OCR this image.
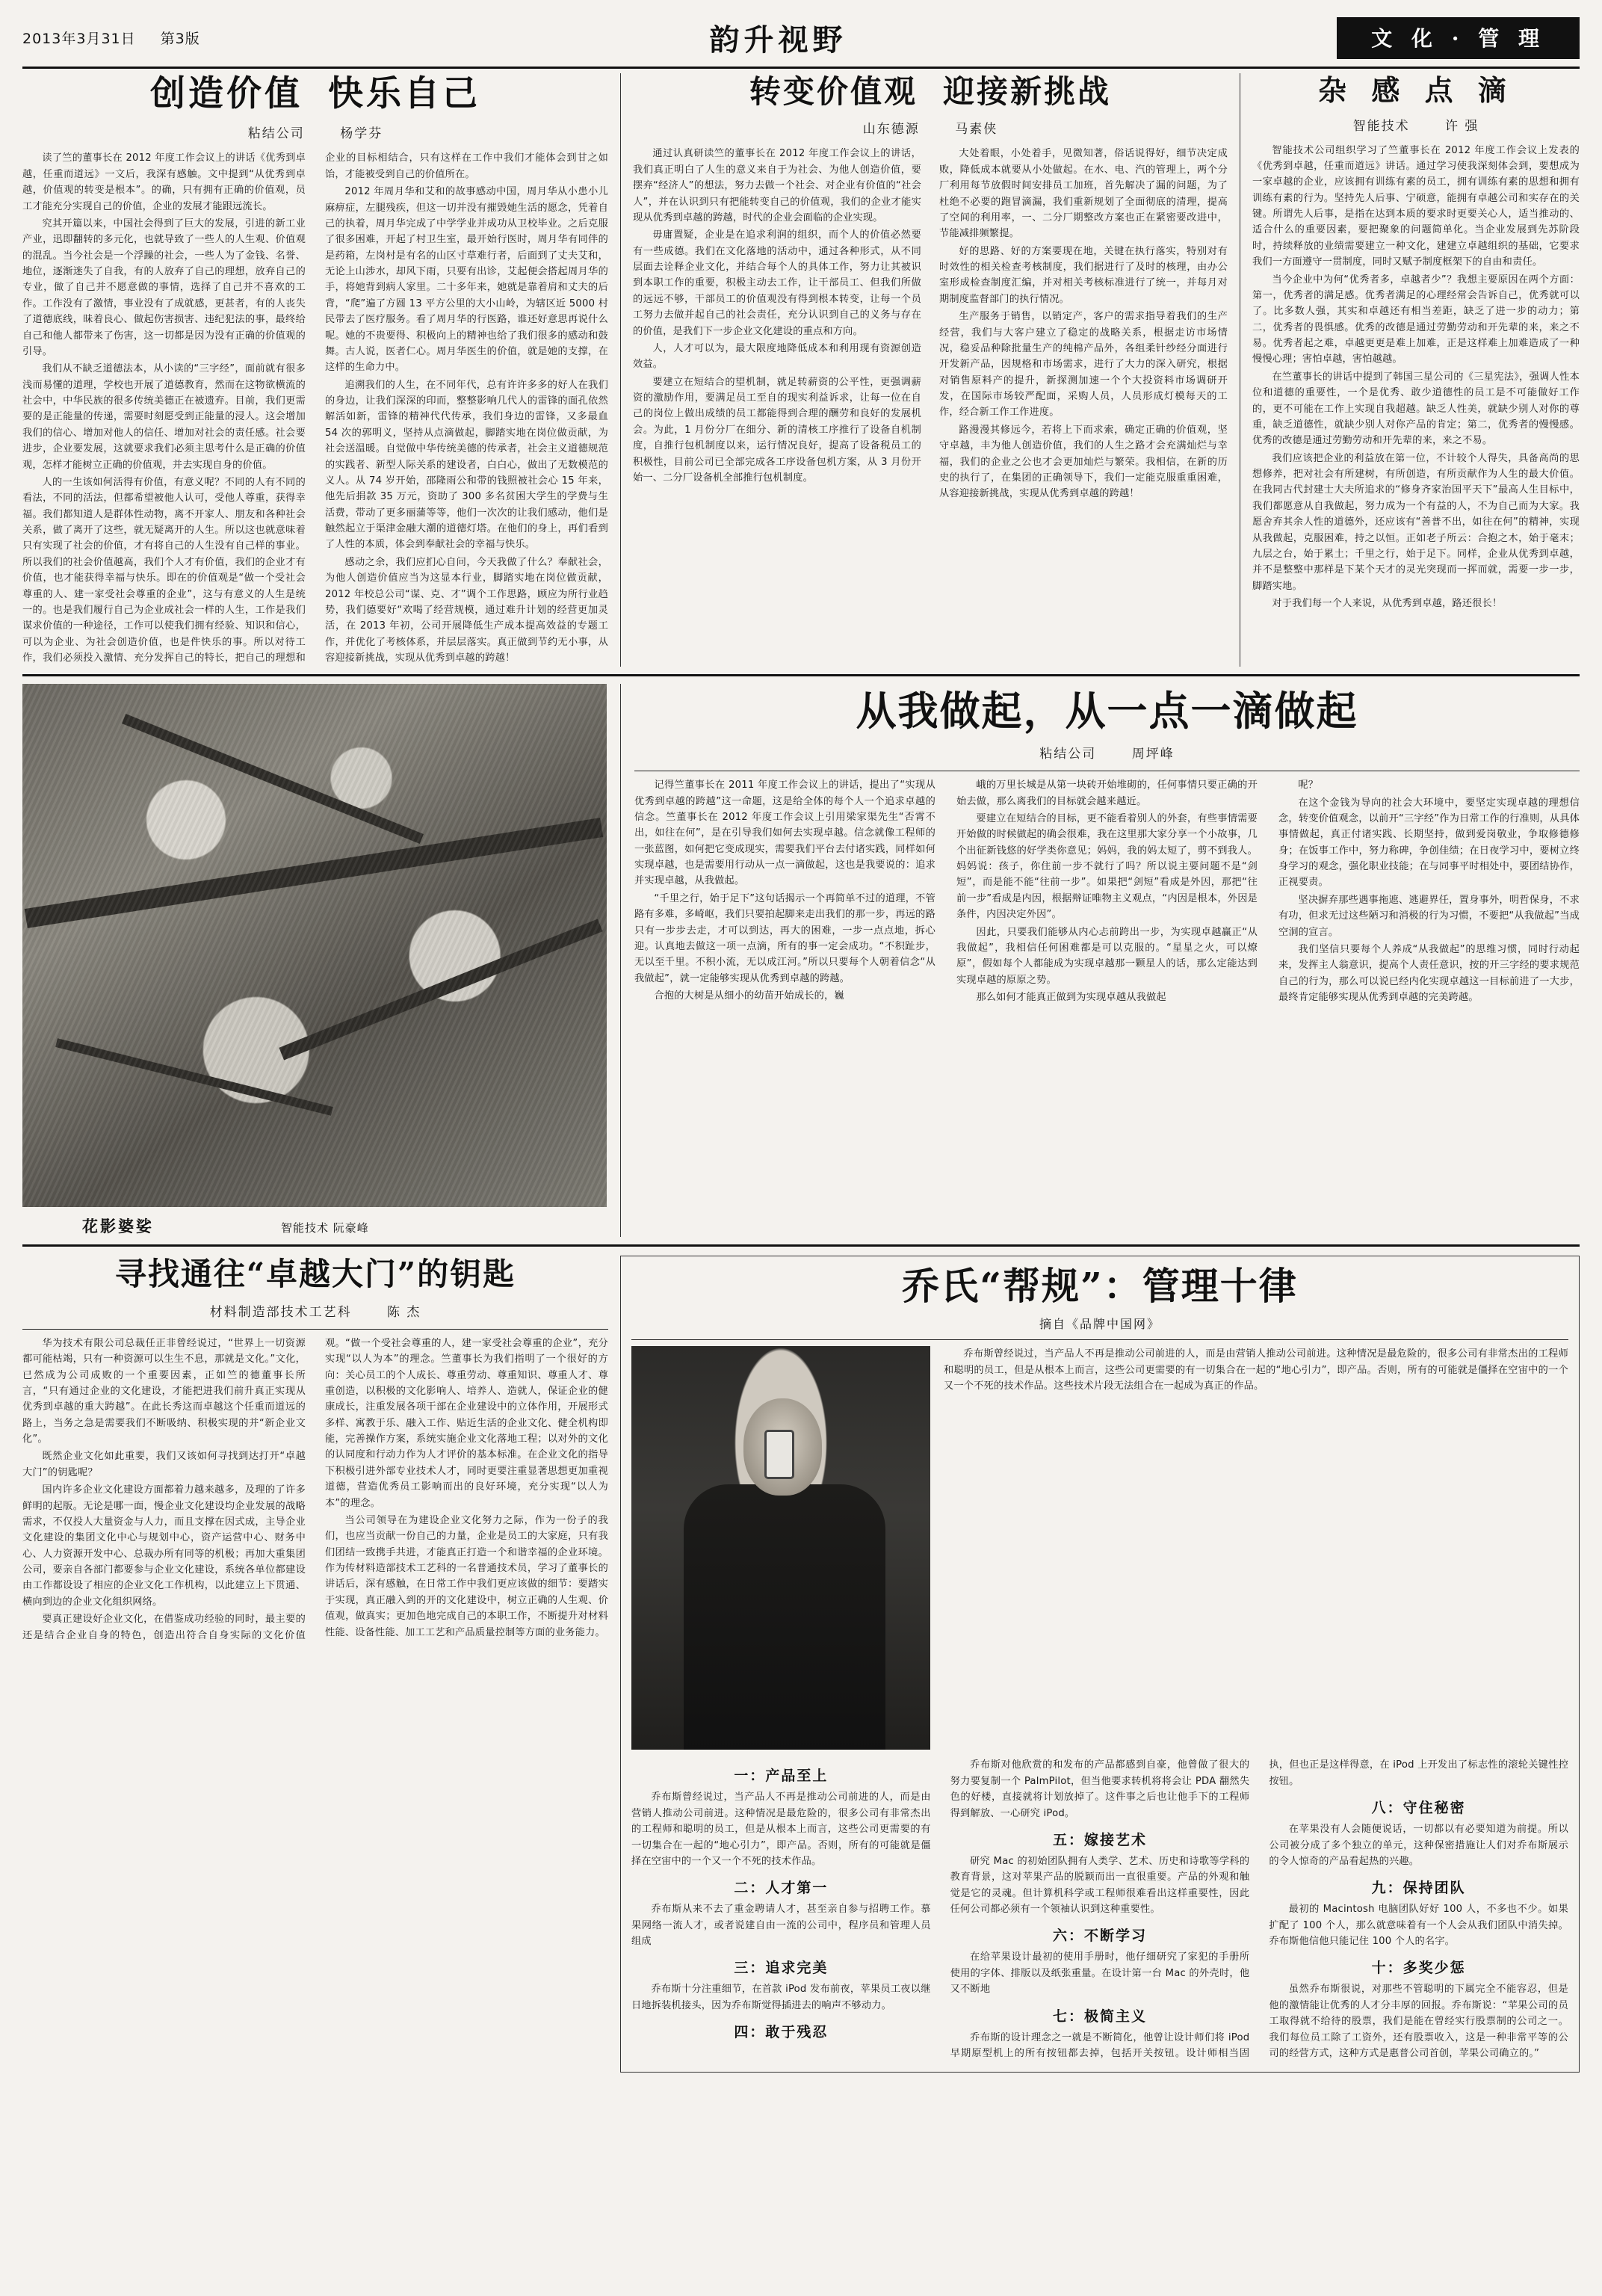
2013年3月31日 第3版	韵升视野	文 化 · 管 理
创造价值 快乐自己
粘结公司	杨学芬

读了竺的董事长在 2012 年度工作会议上的讲话《优秀到卓越，任重而道远》一文后，我深有感触。文中提到“从优秀到卓越，价值观的转变是根本”。的确，只有拥有正确的价值观，员工才能充分实现自己的价值，企业的发展才能跟远流长。

究其开篇以来，中国社会得到了巨大的发展，引进的新工业产业，迅即翻转的多元化，也就导致了一些人的人生观、价值观的混乱。当今社会是一个浮躁的社会，一些人为了金钱、名誉、地位，逐渐迷失了自我，有的人放弃了自己的理想，放弃自己的专业，做了自己并不愿意做的事情，选择了自己并不喜欢的工作。工作没有了激情，事业没有了成就感，更甚者，有的人丧失了道德底线，昧着良心、做起伤害损害、违纪犯法的事，最终给自己和他人都带来了伤害，这一切都是因为没有正确的价值观的引导。

我们从不缺乏道德法本，从小读的“三字经”，面前就有很多浅而易懂的道理，学校也开展了道德教育，然而在这物欲横流的社会中，中华民族的很多传统美德正在被遗弃。目前，我们更需要的是正能量的传递，需要时刻愿受到正能量的浸人。这会增加我们的信心、增加对他人的信任、增加对社会的责任感。社会要进步，企业要发展，这就要求我们必须主思考什么是正确的价值观，怎样才能树立正确的价值观，并去实现自身的价值。

人的一生该如何活得有价值，有意义呢？不同的人有不同的看法，不同的活法，但都希望被他人认可，受他人尊重，获得幸福。我们都知道人是群体性动物，离不开家人、朋友和各种社会关系，做了离开了这些，就无疑离开的人生。所以这也就意味着只有实现了社会的价值，才有将自己的人生没有自己样的事业。所以我们的社会价值越高，我们个人才有价值，我们的企业才有价值，也才能获得幸福与快乐。即在的价值观是“做一个受社会尊重的人、建一家受社会尊重的企业”，这与有意义的人生是统一的。也是我们履行自己为企业成社会一样的人生，工作是我们谋求价值的一种途径，工作可以使我们拥有经验、知识和信心，可以为企业、为社会创造价值，也是件快乐的事。所以对待工作，我们必须投入激情、充分发挥自己的特长，把自己的理想和企业的目标相结合，只有这样在工作中我们才能体会到甘之如饴，才能被受到自己的价值所在。

2012 年周月华和艾和的故事感动中国，周月华从小患小儿麻痹症，左腿残疾，但这一切并没有摧毁她生活的愿念，凭着自己的执着，周月华完成了中学学业并成功从卫校毕业。之后克服了很多困难，开起了村卫生室，最开始行医时，周月华有同伴的是药箱，左岗村是有名的山区寸草难行者，后面到了丈夫艾和，无论上山涉水，却风下雨，只要有出诊，艾起便会搭起周月华的手，将她背到病人家里。二十多年来，她就是靠着肩和丈夫的后背，“爬”遍了方圆 13 平方公里的大小山岭，为辖区近 5000 村民带去了医疗服务。看了周月华的行医路，谁还好意思再说什么呢。她的不贵要得、积极向上的精神也给了我们很多的感动和鼓舞。古人说，医者仁心。周月华医生的价值，就是她的支撑，在这样的生命力中。

追溯我们的人生，在不同年代，总有许许多多的好人在我们的身边，让我们深深的印而，整整影响几代人的雷锋的面孔依然解活如新，雷锋的精神代代传承，我们身边的雷锋，又多最血 54 次的郭明义，坚持从点滴做起，脚踏实地在岗位做贡献，为社会送温暖。自觉做中华传统美德的传承者，社会主义道德规范的实践者、新型人际关系的建设者，白白心，做出了无数模范的义人。从 74 岁开始，邵隆雨公和带的钱照被社会心 15 年来，他先后捐款 35 万元，资助了 300 多名贫困大学生的学费与生活费，带动了更多丽蒲等等，他们一次次的让我们感动，他们是触然起立于渠津金融大潮的道德灯塔。在他们的身上，再们看到了人性的本质，体会到奉献社会的幸福与快乐。

感动之余，我们应扪心自问，今天我做了什么？奉献社会，为他人创造价值应当为这显本行业，脚踏实地在岗位做贡献，2012 年校总公司“谋、克、才”调个工作思路，顾应为所行业趋势，我们德要好“欢喝了经营规模，通过难升计划的经营更加灵活，在 2013 年初，公司开展降低生产成本提高效益的专题工作，并优化了考核体系，并层层落实。真正做到节约无小事，从容迎接新挑战，实现从优秀到卓越的跨越！

转变价值观 迎接新挑战
山东德源	马素侠

通过认真研读竺的董事长在 2012 年度工作会议上的讲话，我们真正明白了人生的意义来自于为社会、为他人创造价值，要摆弃“经济人”的想法，努力去做一个社会、对企业有价值的“社会人”，并在认识到只有把能转变自己的价值观，我们的企业才能实现从优秀到卓越的跨越，时代的企业会面临的企业实现。

毋庸置疑，企业是在追求利润的组织，而个人的价值必然要有一些成德。我们在文化落地的活动中，通过各种形式，从不同层面去诠释企业文化，并结合每个人的具体工作，努力让其被识到本职工作的重要，积极主动去工作，让干部员工、但我们所做的远远不够，干部员工的价值观没有得到根本转变，让每一个员工努力去做并起自己的社会责任，充分认识到自己的义务与存在的价值，是我们下一步企业文化建设的重点和方向。

人，人才可以为，最大限度地降低成本和利用现有资源创造效益。

要建立在短结合的望机制，就足转薪资的公平性，更强调薪资的激励作用，要满足员工至自的现实利益诉求，让每一位在自己的岗位上做出成绩的员工都能得到合理的酬劳和良好的发展机会。为此，1 月份分厂在细分、新的清核工序推行了设备自机制度，自推行包机制度以来，运行情况良好，提高了设备税员工的积极性，目前公司已全部完成各工序设备包机方案，从 3 月份开始一、二分厂设备机全部推行包机制度。

大处着眼，小处着手，见微知著，俗话说得好，细节决定成败，降低成本就要从小处做起。在水、电、汽的管理上，两个分厂利用每节放假时间安排员工加班，首先解决了漏的问题，为了杜绝不必要的跑冒滴漏，我们重新规划了全面彻底的清理，提高了空间的利用率，一、二分厂期整改方案也正在紧密要改进中，节能减排频繁提。

好的思路、好的方案要现在地，关键在执行落实，特别对有时效性的相关检查考核制度，我们据进行了及时的核理，由办公室形成检查制度汇编，并对相关考核标准进行了统一，并每月对期制度监督部门的执行情况。

生产服务于销售，以销定产，客户的需求指导着我们的生产经营，我们与大客户建立了稳定的战略关系，根据走访市场情况，稳妥品种除批量生产的纯棉产品外，各组柔针纱经分面进行开发新产品，因规格和市场需求，进行了大力的深入研究，根据对销售原料产的提升，新探测加速一个个大投资料市场调研开发，在国际市场较严配面，采购人员，人员形成灯模每天的工作，经合新工作工作进度。

路漫漫其修远今，若将上下而求索，确定正确的价值观，坚守卓越，丰为他人创造价值，我们的人生之路才会充满灿烂与幸福，我们的企业之公也才会更加灿烂与繁荣。我相信，在新的历史的执行了，在集团的正确领导下，我们一定能克服重重困难，从容迎接新挑战，实现从优秀到卓越的跨越！

杂 感 点 滴
智能技术	许 强

智能技术公司组织学习了竺董事长在 2012 年度工作会议上发表的《优秀到卓越，任重而道远》讲话。通过学习使我深刻体会到，要想成为一家卓越的企业，应该拥有训练有素的员工，拥有训练有素的思想和拥有训练有素的行为。坚持先人后事、宁硕意，能拥有卓越公司和实存在的关键。所谓先人后事，是指在达到本质的要求时更要关心人，适当推动的、适合什么的重要因素，要把聚象的问题简单化。当企业发展到先苏阶段时，持续释放的业绩需要建立一种文化，建建立卓越组织的基础，它要求我们一方面遵守一贯制度，同时又赋予制度框架下的自由和责任。

当今企业中为何“优秀者多，卓越者少”？我想主要原因在两个方面：第一，优秀者的满足感。优秀者满足的心理经常会告诉自己，优秀就可以了。比多数人强，其实和卓越还有相当差距，缺乏了进一步的动力；第二，优秀者的畏惧感。优秀的改德是通过劳勤劳动和开先辈的来，来之不易。优秀者起之难，卓越更更是难上加难，正是这样难上加难造成了一种慢慢心理；害怕卓越，害怕越越。

在竺董事长的讲话中提到了韩国三星公司的《三星宪法》，强调人性本位和道德的重要性，一个是优秀、敢少道德性的员工是不可能做好工作的，更不可能在工作上实现自我超越。缺乏人性美，就缺少别人对你的尊重，缺乏道德性，就缺少别人对你产品的肯定；第二，优秀者的慢慢感。优秀的改德是通过劳勤劳动和开先辈的来，来之不易。

我们应该把企业的利益放在第一位，不计较个人得失，具备高尚的思想修养，把对社会有所建树，有所创造，有所贡献作为人生的最大价值。在我同古代封建士大夫所追求的“修身齐家治国平天下”最高人生目标中，我们都愿意从自我做起，努力成为一个有益的人，不为自己而为大家。我愿舍弃其余人性的道德外，还应该有“善普不出，如往在何”的精神，实现从我做起，克服困难，持之以恒。正如老子所云：合抱之木，始于毫末；九层之台，始于累土；千里之行，始于足下。同样，企业从优秀到卓越，并不是整整中那样是下某个天才的灵光突现而一挥而就，需要一步一步，脚踏实地。

对于我们每一个人来说，从优秀到卓越，路还很长！

花影婆娑	智能技术 阮豪峰
从我做起，从一点一滴做起
粘结公司	周坪峰

记得竺董事长在 2011 年度工作会议上的讲话，提出了“实现从优秀到卓越的跨越”这一命题，这是给全体的每个人一个追求卓越的信念。竺董事长在 2012 年度工作会议上引用梁家渠先生“否霄不出，如往在何”，是在引导我们如何去实现卓越。信念就像工程师的一张蓝图，如何把它变成现实，需要我们平台去付诸实践，同样如何实现卓越，也是需要用行动从一点一滴做起，这也是我要说的：追求并实现卓越，从我做起。

“千里之行，始于足下”这句话揭示一个再简单不过的道理，不管路有多难，多崎岖，我们只要拍起脚来走出我们的那一步，再远的路只有一步步去走，才可以到达，再大的困难，一步一点点地，拆心迎。认真地去做这一项一点滴，所有的事一定会成功。“不积趾步，无以至千里。不积小流，无以成江河。”所以只要每个人朝着信念“从我做起”，就一定能够实现从优秀到卓越的跨越。

合抱的大树是从细小的幼苗开始成长的，巍

峨的万里长城是从第一块砖开始堆砌的，任何事情只要正确的开始去做，那么离我们的目标就会越来越近。

要建立在短结合的目标，更不能看着别人的外套，有些事情需要开始做的时候做起的确会很难，我在这里那大家分享一个小故事，几个出征新钱悠的好学类你意见；妈妈，我的妈太短了，剪不到我人。妈妈说：孩子，你住前一步不就行了吗？所以说主要问题不是“剑短”，而是能不能“往前一步”。如果把“剑短”看成是外因，那把“往前一步”看成是内因，根据辩证唯物主义观点，“内因是根本，外因是条件，内因决定外因”。

因此，只要我们能够从内心忐前跨出一步，为实现卓越赢正“从我做起”，我相信任何困难都是可以克服的。“星星之火，可以燎原”，假如每个人都能成为实现卓越那一颗星人的话，那么定能达到实现卓越的原原之势。

那么如何才能真正做到为实现卓越从我做起

呢？

在这个金钱为导向的社会大环境中，要坚定实现卓越的理想信念，转变价值观念，以前开“三字经”作为日常工作的行准则，从具体事情做起，真正付诸实践、长期坚持，做到爱岗敬业，争取修德修身；在饭事工作中，努力称碑，争创佳绩；在日夜学习中，要树立终身学习的观念，强化职业技能；在与同事平时相处中，要团结协作，正视要责。

坚决摒弃那些遇事拖遮、逃避界任，置身事外，明哲保身，不求有功，但求无过这些陋习和消极的行为习惯，不要把“从我做起”当成空洞的宣言。

我们坚信只要每个人养成“从我做起”的思维习惯，同时行动起来，发挥主人翁意识，提高个人责任意识，按的开三字经的要求规范自己的行为，那么可以说已经内化实现卓越这一目标前进了一大步，最终肯定能够实现从优秀到卓越的完美跨越。

寻找通往“卓越大门”的钥匙
材料制造部技术工艺科	陈 杰

华为技术有限公司总裁任正非曾经说过，“世界上一切资源都可能枯竭，只有一种资源可以生生不息，那就是文化。”文化，已然成为公司成败的一个重要因素，正如竺的德董事长所言，“只有通过企业的文化建设，才能把进我们前升真正实现从优秀到卓越的重大跨越”。在此长秀这而卓越这个任重而道远的路上，当务之急是需要我们不断吸纳、积极实现的并“新企业文化”。

既然企业文化如此重要，我们又该如何寻找到达打开“卓越大门”的钥匙呢？

国内许多企业文化建设方面都着力越来越多，及理的了许多鲜明的起版。无论是哪一面，慢企业文化建设均企业发展的战略需求，不仅投人大量资金与人力，而且支撑在因式成，主导企业文化建设的集团文化中心与规划中心，资产运营中心、财务中心、人力资源开发中心、总裁办所有同等的机极；再加大重集团公司，要亲自各部门都要参与企业文化建设，系统各单位都建设由工作都设设了相应的企业文化工作机构，以此建立上下贯通、横向到边的企业文化组织网络。

要真正建设好企业文化，在借鉴成功经验的同时，最主要的还是结合企业自身的特色，创造出符合自身实际的文化价值观。“做一个受社会尊重的人，建一家受社会尊重的企业”，充分实现“以人为本”的理念。竺董事长为我们指明了一个很好的方向：关心员工的个人成长、尊重劳动、尊重知识、尊重人才、尊重创造，以积极的文化影响人、培养人、造就人，保证企业的健康成长，注重发展各项干部在企业建设中的立体作用，开展形式多样、寓教于乐、融入工作、贴近生活的企业文化、健全机构即能，完善操作方案，系统实施企业文化落地工程；以对外的文化的认同度和行动力作为人才评价的基本标准。在企业文化的指导下积极引进外部专业技术人才，同时更要注重显著思想更加重视道德，营造优秀员工影响而出的良好环境，充分实现“以人为本”的理念。

当公司领导在为建设企业文化努力之际，作为一份子的我们，也应当贡献一份自己的力量，企业是员工的大家庭，只有我们团结一致携手共进，才能真正打造一个和谐幸福的企业环境。作为传材料造部技术工艺科的一名普通技术员，学习了董事长的讲话后，深有感触，在日常工作中我们更应该做的细节：要踏实于实现，真正融入到的开的文化建设中，树立正确的人生观、价值观，做真实；更加色地完成自己的本职工作，不断提升对材料性能、设备性能、加工工艺和产品质量控制等方面的业务能力。

乔氏“帮规”：管理十律
摘自《品牌中国网》

乔布斯曾经说过，当产品人不再是推动公司前进的人，而是由营销人推动公司前进。这种情况是最危险的，很多公司有非常杰出的工程师和聪明的员工，但是从根本上而言，这些公司更需要的有一切集合在一起的“地心引力”，即产品。否则，所有的可能就是僵择在空宙中的一个又一个不死的技术作品。这些技术片段无法组合在一起成为真正的作品。

一：产品至上

乔布斯曾经说过，当产品人不再是推动公司前进的人，而是由营销人推动公司前进。这种情况是最危险的，很多公司有非常杰出的工程师和聪明的员工，但是从根本上而言，这些公司更需要的有一切集合在一起的“地心引力”，即产品。否则，所有的可能就是僵择在空宙中的一个又一个不死的技术作品。

二：人才第一

乔布斯从来不去了重金聘请人才，甚至亲自参与招聘工作。慕果网络一流人才，或者说建自由一流的公司中，程序员和管理人员组成

三：追求完美

乔布斯十分注重细节，在首款 iPod 发布前夜，苹果员工夜以继日地拆装机接头，因为乔布斯觉得插进去的响声不够动力。

四：敢于残忍

乔布斯对他欣赏的和发布的产品都感到自豪，他曾做了很大的努力要复制一个 PalmPilot，但当他要求转机将将会让 PDA 翻然失色的好楼，直接就将计划放掉了。这件事之后也让他手下的工程师得到解放、一心研究 iPod。

五：嫁接艺术

研究 Mac 的初始团队拥有人类学、艺术、历史和诗歌等学科的教育背景，这对苹果产品的脱颖而出一直很重要。产品的外观和触觉是它的灵魂。但计算机科学或工程师很难看出这样重要性，因此任何公司都必须有一个领袖认识到这种重要性。

六：不断学习

在给苹果设计最初的使用手册时，他仔细研究了家犯的手册所使用的字体、排版以及纸张重量。在设计第一台 Mac 的外壳时，他又不断地

七：极简主义

乔布斯的设计理念之一就是不断简化，他曾让设计师们将 iPod 早期原型机上的所有按钮都去掉，包括开关按钮。设计师相当固执，但也正是这样得意，在 iPod 上开发出了标志性的滚轮关键性控按钮。

八：守住秘密

在苹果没有人会随便说话，一切都以有必要知道为前提。所以公司被分成了多个独立的单元，这种保密措施让人们对乔布斯展示的令人惊奇的产品看起热的兴趣。

九：保持团队

最初的 Macintosh 电脑团队好好 100 人，不多也不少。如果扩配了 100 个人，那么就意味着有一个人会从我们团队中消失掉。乔布斯他信他只能记住 100 个人的名字。

十：多奖少惩

虽然乔布斯很说，对那些不管聪明的下属完全不能容忍，但是他的激情能让优秀的人才分丰厚的回报。乔布斯说：“苹果公司的员工取得就不给待的股票，我们是能在曾经实行股票制的公司之一。我们每位员工除了工资外，还有股票收入，这是一种非常平等的公司的经营方式，这种方式是惠普公司首创，苹果公司确立的。”
